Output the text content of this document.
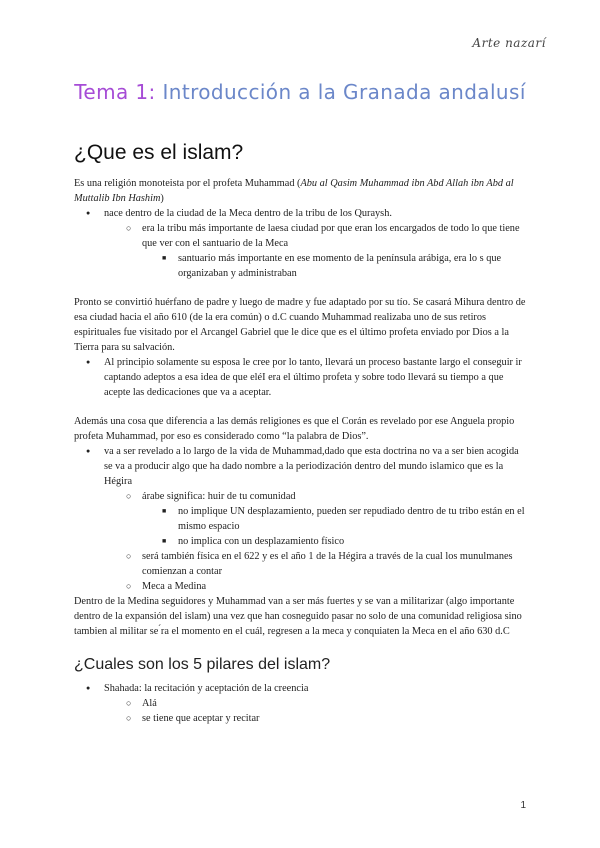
Arte nazarí
Tema 1: Introducción a la Granada andalusí
¿Que es el islam?

Es una religión monoteista por el profeta Muhammad (Abu al Qasim Muhammad ibn Abd Allah ibn Abd al Muttalib Ibn Hashim)

● nace dentro de la ciudad de la Meca dentro de la tribu de los Quraysh.

○ era la tribu más importante de laesa ciudad por que eran los encargados de todo lo que tiene que ver con el santuario de la Meca

■ santuario más importante en ese momento de la península arábiga, era lo s que organizaban y administraban

Pronto se convirtió huérfano de padre y luego de madre y fue adaptado por su tío. Se casará Mihura dentro de esa ciudad hacia el año 610 (de la era común) o d.C cuando Muhammad realizaba uno de sus retiros espirituales fue visitado por el Arcangel Gabriel que le dice que es el último profeta enviado por Dios a la Tierra para su salvación.

● Al principio solamente su esposa le cree por lo tanto, llevará un proceso bastante largo el conseguir ir captando adeptos a esa idea de que eléI era el último profeta y sobre todo llevará su tiempo a que acepte las dedicaciones que va a aceptar.

Además una cosa que diferencia a las demás religiones es que el Corán es revelado por ese Anguela propio profeta Muhammad, por eso es considerado como “la palabra de Dios”.

● va a ser revelado a lo largo de la vida de Muhammad,dado que esta doctrina no va a ser bien acogida se va a producir algo que ha dado nombre a la periodización dentro del mundo islamico que es la Hégira

○ árabe significa: huir de tu comunidad

■ no implique UN desplazamiento, pueden ser repudiado dentro de tu tribo están en el mismo espacio

■ no implica con un desplazamiento físico

○ será también física en el 622 y es el año 1 de la Hégira a través de la cual los munulmanes comienzan a contar

○ Meca a Medina

Dentro de la Medina seguidores y Muhammad van a ser más fuertes y se van a militarizar (algo importante dentro de la expansión del islam) una vez que han cosneguido pasar no solo de una comunidad religiosa sino tambien al militar se ́ra el momento en el cuál, regresen a la meca y conquiaten la Meca en el año 630 d.C

¿Cuales son los 5 pilares del islam?

● Shahada: la recitación y aceptación de la creencia

○ Alá

○ se tiene que aceptar y recitar

1
